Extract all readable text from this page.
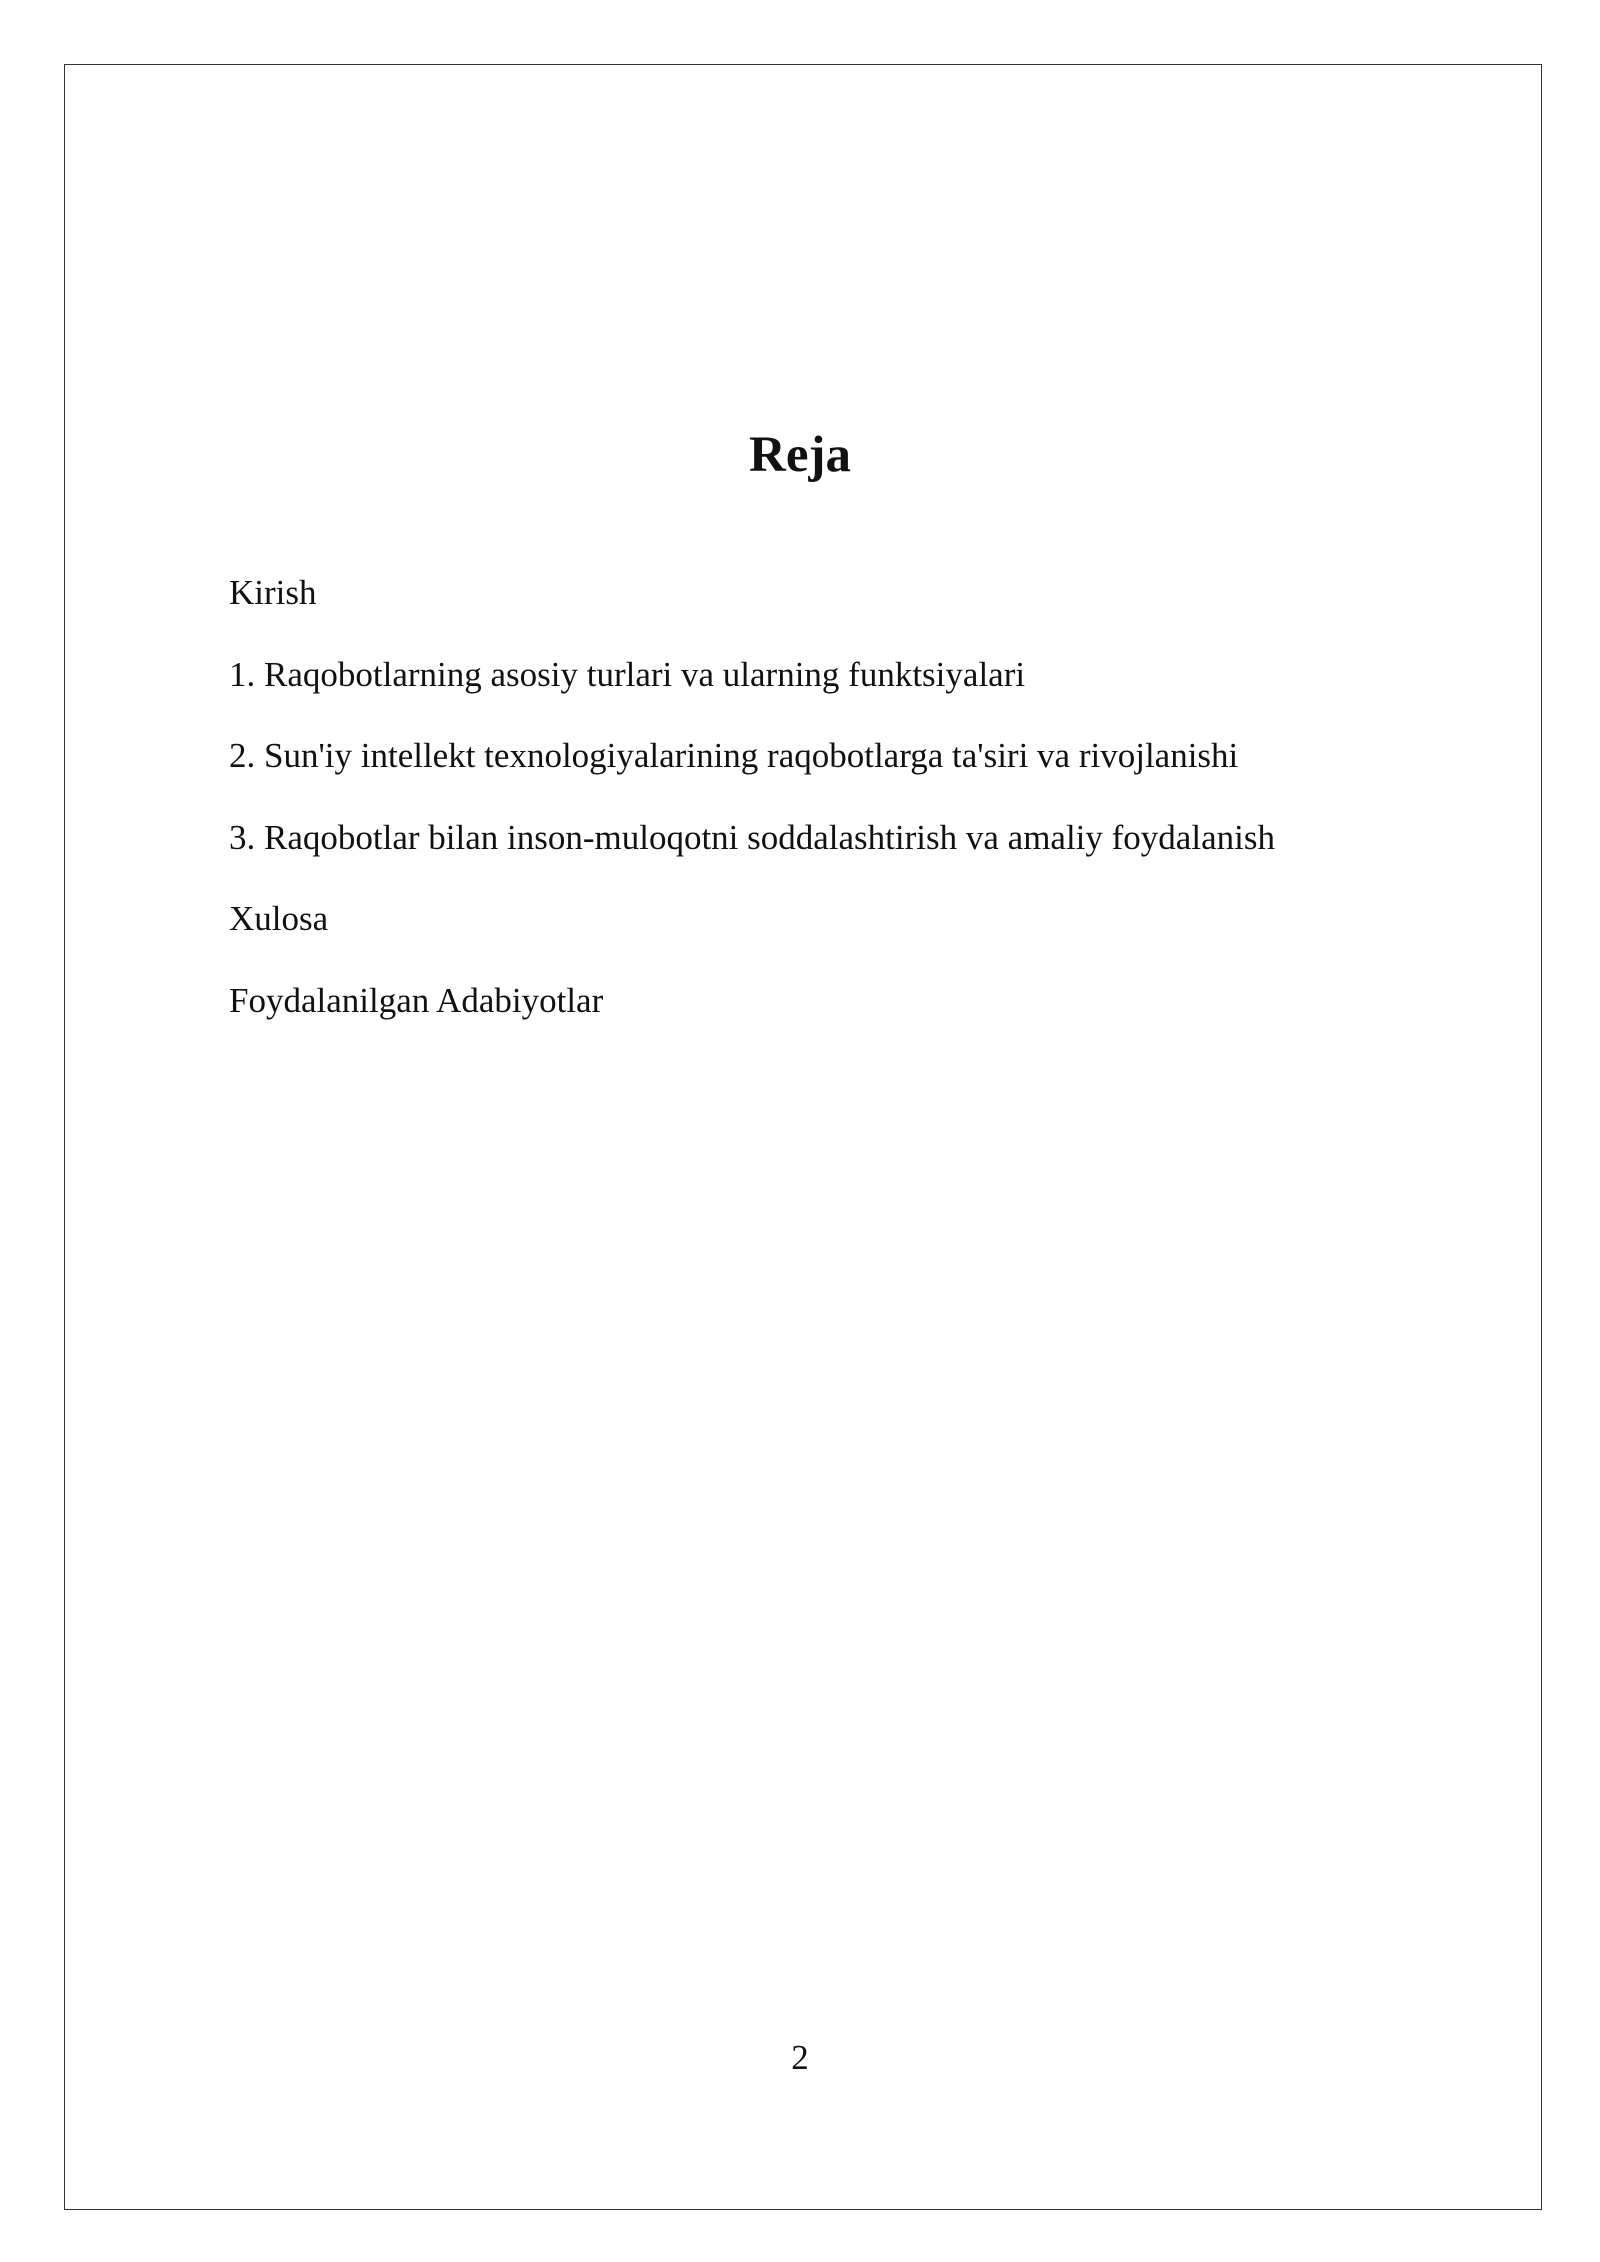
Reja
Kirish
1. Raqobotlarning asosiy turlari va ularning funktsiyalari
2. Sun'iy intellekt texnologiyalarining raqobotlarga ta'siri va rivojlanishi
3. Raqobotlar bilan inson-muloqotni soddalashtirish va amaliy foydalanish
Xulosa
Foydalanilgan Adabiyotlar
2
